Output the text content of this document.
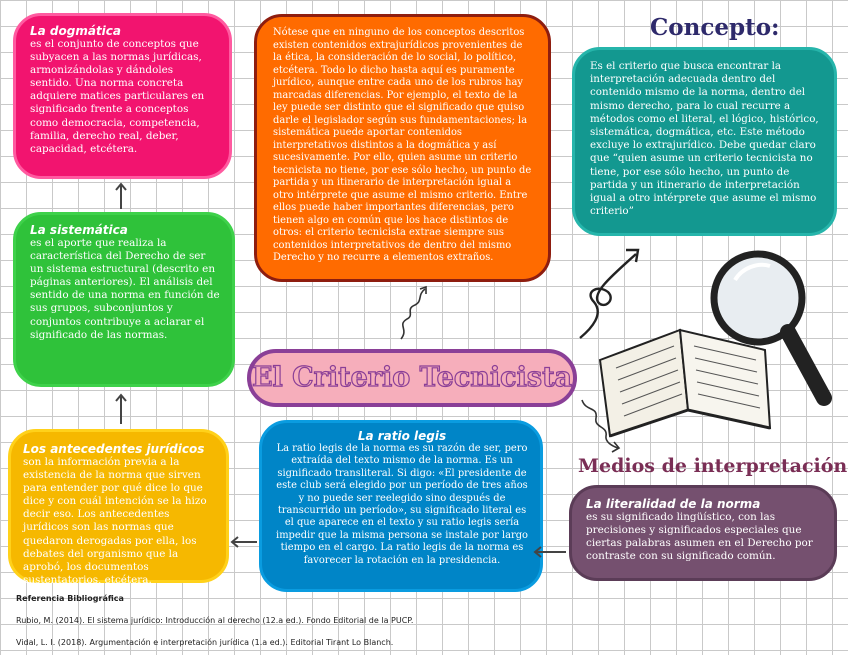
La dogmática
es el conjunto de conceptos que subyacen a las normas jurídicas, armonizándolas y dándoles sentido. Una norma concreta adquiere matices particulares en significado frente a conceptos como democracia, competencia, familia, derecho real, deber, capacidad, etcétera.
La sistemática
es el aporte que realiza la característica del Derecho de ser un sistema estructural (descrito en páginas anteriores). El análisis del sentido de una norma en función de sus grupos, subconjuntos y conjuntos contribuye a aclarar el significado de las normas.
Los antecedentes jurídicos
son la información previa a la existencia de la norma que sirven para entender por qué dice lo que dice y con cuál intención se la hizo decir eso. Los antecedentes jurídicos son las normas que quedaron derogadas por ella, los debates del organismo que la aprobó, los documentos sustentatorios, etcétera.
Nótese que en ninguno de los conceptos descritos existen contenidos extrajurídicos provenientes de la ética, la consideración de lo social, lo político, etcétera. Todo lo dicho hasta aquí es puramente jurídico, aunque entre cada uno de los rubros hay marcadas diferencias. Por ejemplo, el texto de la ley puede ser distinto que el significado que quiso darle el legislador según sus fundamentaciones; la sistemática puede aportar contenidos interpretativos distintos a la dogmática y así sucesivamente. Por ello, quien asume un criterio tecnicista no tiene, por ese sólo hecho, un punto de partida y un itinerario de interpretación igual a otro intérprete que asume el mismo criterio. Entre ellos puede haber importantes diferencias, pero tienen algo en común que los hace distintos de otros: el criterio tecnicista extrae siempre sus contenidos interpretativos de dentro del mismo Derecho y no recurre a elementos extraños.
Concepto:
Es el criterio que busca encontrar la interpretación adecuada dentro del contenido mismo de la norma, dentro del mismo derecho, para lo cual recurre a métodos como el literal, el lógico, histórico, sistemática, dogmática, etc. Este método excluye lo extrajurídico. Debe quedar claro que “quien asume un criterio tecnicista no tiene, por ese sólo hecho, un punto de partida y un itinerario de interpretación igual a otro intérprete que asume el mismo criterio”
El Criterio Tecnicista
La ratio legis
La ratio legis de la norma es su razón de ser, pero extraída del texto mismo de la norma. Es un significado transliteral. Si digo: «El presidente de este club será elegido por un período de tres años y no puede ser reelegido sino después de transcurrido un período», su significado literal es el que aparece en el texto y su ratio legis sería impedir que la misma persona se instale por largo tiempo en el cargo. La ratio legis de la norma es favorecer la rotación en la presidencia.
Medios de interpretación
La literalidad de la norma
es su significado lingüístico, con las precisiones y significados especiales que ciertas palabras asumen en el Derecho por contraste con su significado común.
Referencia Bibliográfica
Rubio, M. (2014). El sistema jurídico: Introducción al derecho (12.a ed.). Fondo Editorial de la PUCP.
Vidal, L. I. (2018). Argumentación e interpretación jurídica (1.a ed.). Editorial Tirant Lo Blanch.
